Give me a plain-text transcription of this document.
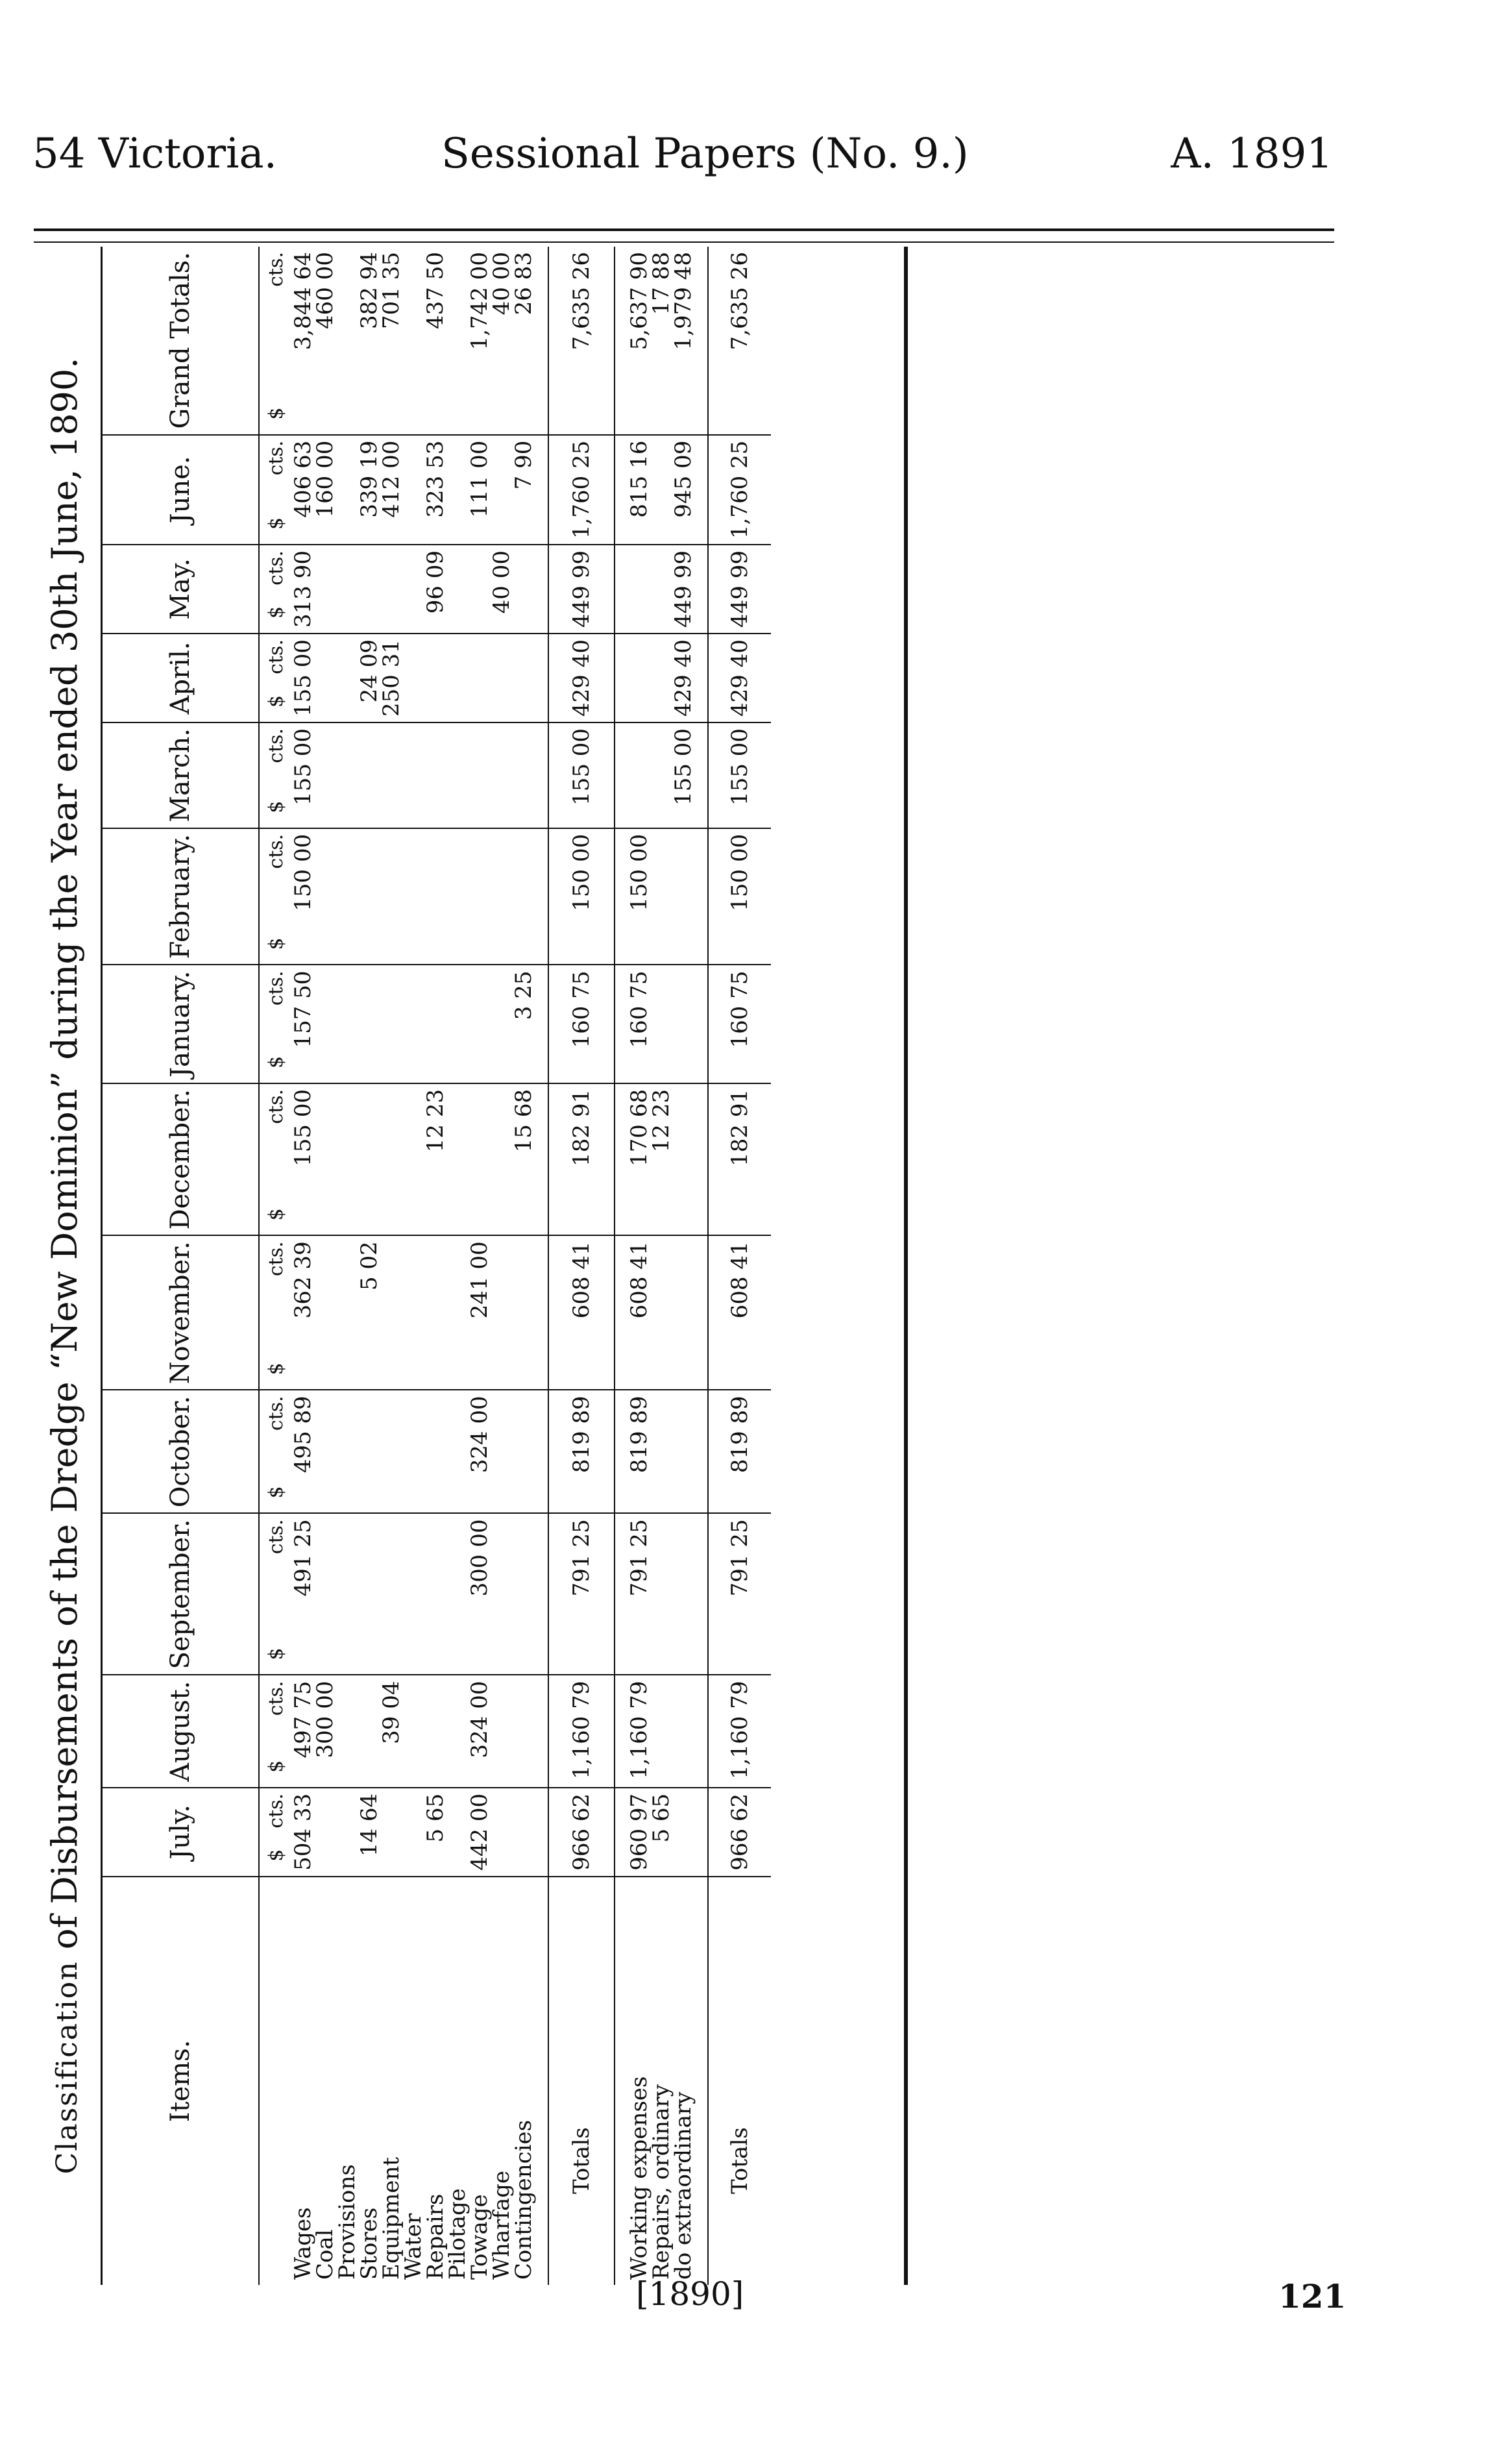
54 Victoria.	Sessional Papers (No. 9.)	A. 1891
Classification of Disbursements of the Dredge “New Dominion” during the Year ended 30th June, 1890.
Items.	July.	August.	September.	October.	November.	December.	January.	February.	March.	April.	May.	June.	Grand Totals.

	$
cts.	$
cts.	$
cts.	$
cts.	$
cts.	$
cts.	$
cts.	$
cts.	$
cts.	$
cts.	$
cts.	$
cts.	$
cts.

Wages	504 33	497 75	491 25	495 89	362 39	155 00	157 50	150 00	155 00	155 00	313 90	406 63	3,844 64
Coal		300 00										160 00	460 00
Provisions													
Stores	14 64				5 02					24 09		339 19	382 94
Equipment		39 04								250 31		412 00	701 35
Water													
Repairs	5 65					12 23					96 09	323 53	437 50
Pilotage													
Towage	442 00	324 00	300 00	324 00	241 00							111 00	1,742 00
Wharfage											40 00		40 00
Contingencies						15 68	3 25					7 90	26 83

Totals	966 62	1,160 79	791 25	819 89	608 41	182 91	160 75	150 00	155 00	429 40	449 99	1,760 25	7,635 26

Working expenses	960 97	1,160 79	791 25	819 89	608 41	170 68	160 75	150 00				815 16	5,637 90
Repairs, ordinary	5 65					12 23							17 88
do extraordinary									155 00	429 40	449 99	945 09	1,979 48

Totals	966 62	1,160 79	791 25	819 89	608 41	182 91	160 75	150 00	155 00	429 40	449 99	1,760 25	7,635 26
[1890]	121
